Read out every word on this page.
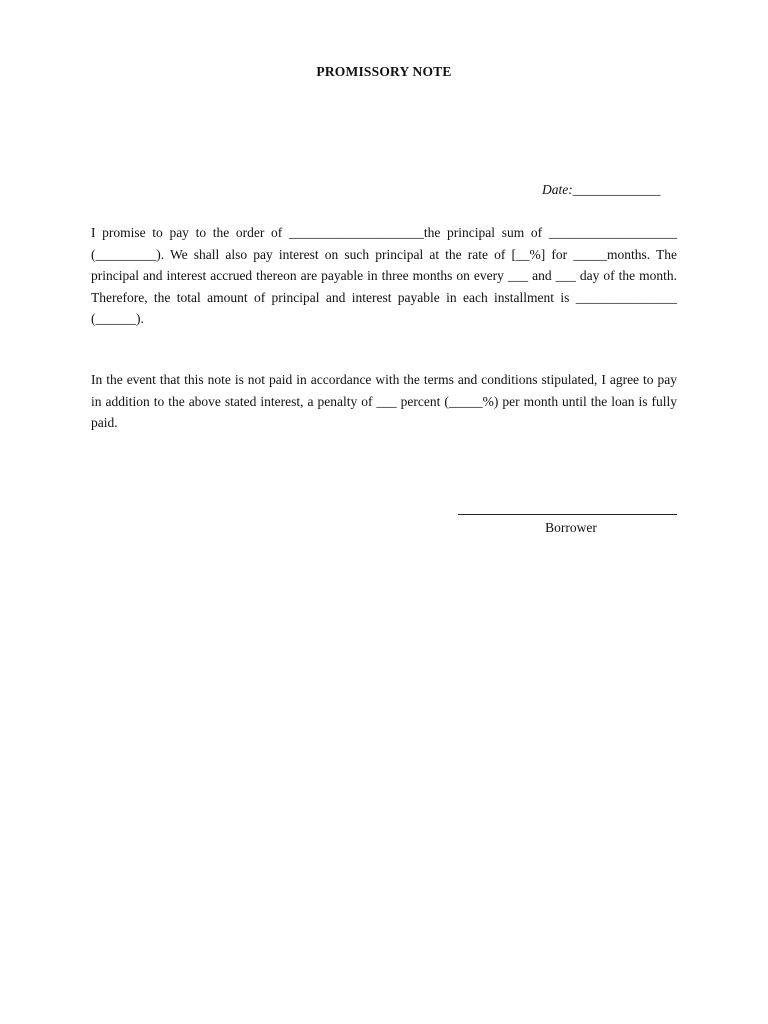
PROMISSORY NOTE
Date:_____________
I promise to pay to the order of ____________________the principal sum of ___________________ (_________). We shall also pay interest on such principal at the rate of [__%] for _____months. The principal and interest accrued thereon are payable in three months on every ___ and ___ day of the month. Therefore, the total amount of principal and interest payable in each installment is _______________ (______).
In the event that this note is not paid in accordance with the terms and conditions stipulated, I agree to pay in addition to the above stated interest, a penalty of ___ percent (_____%) per month until the loan is fully paid.
Borrower
